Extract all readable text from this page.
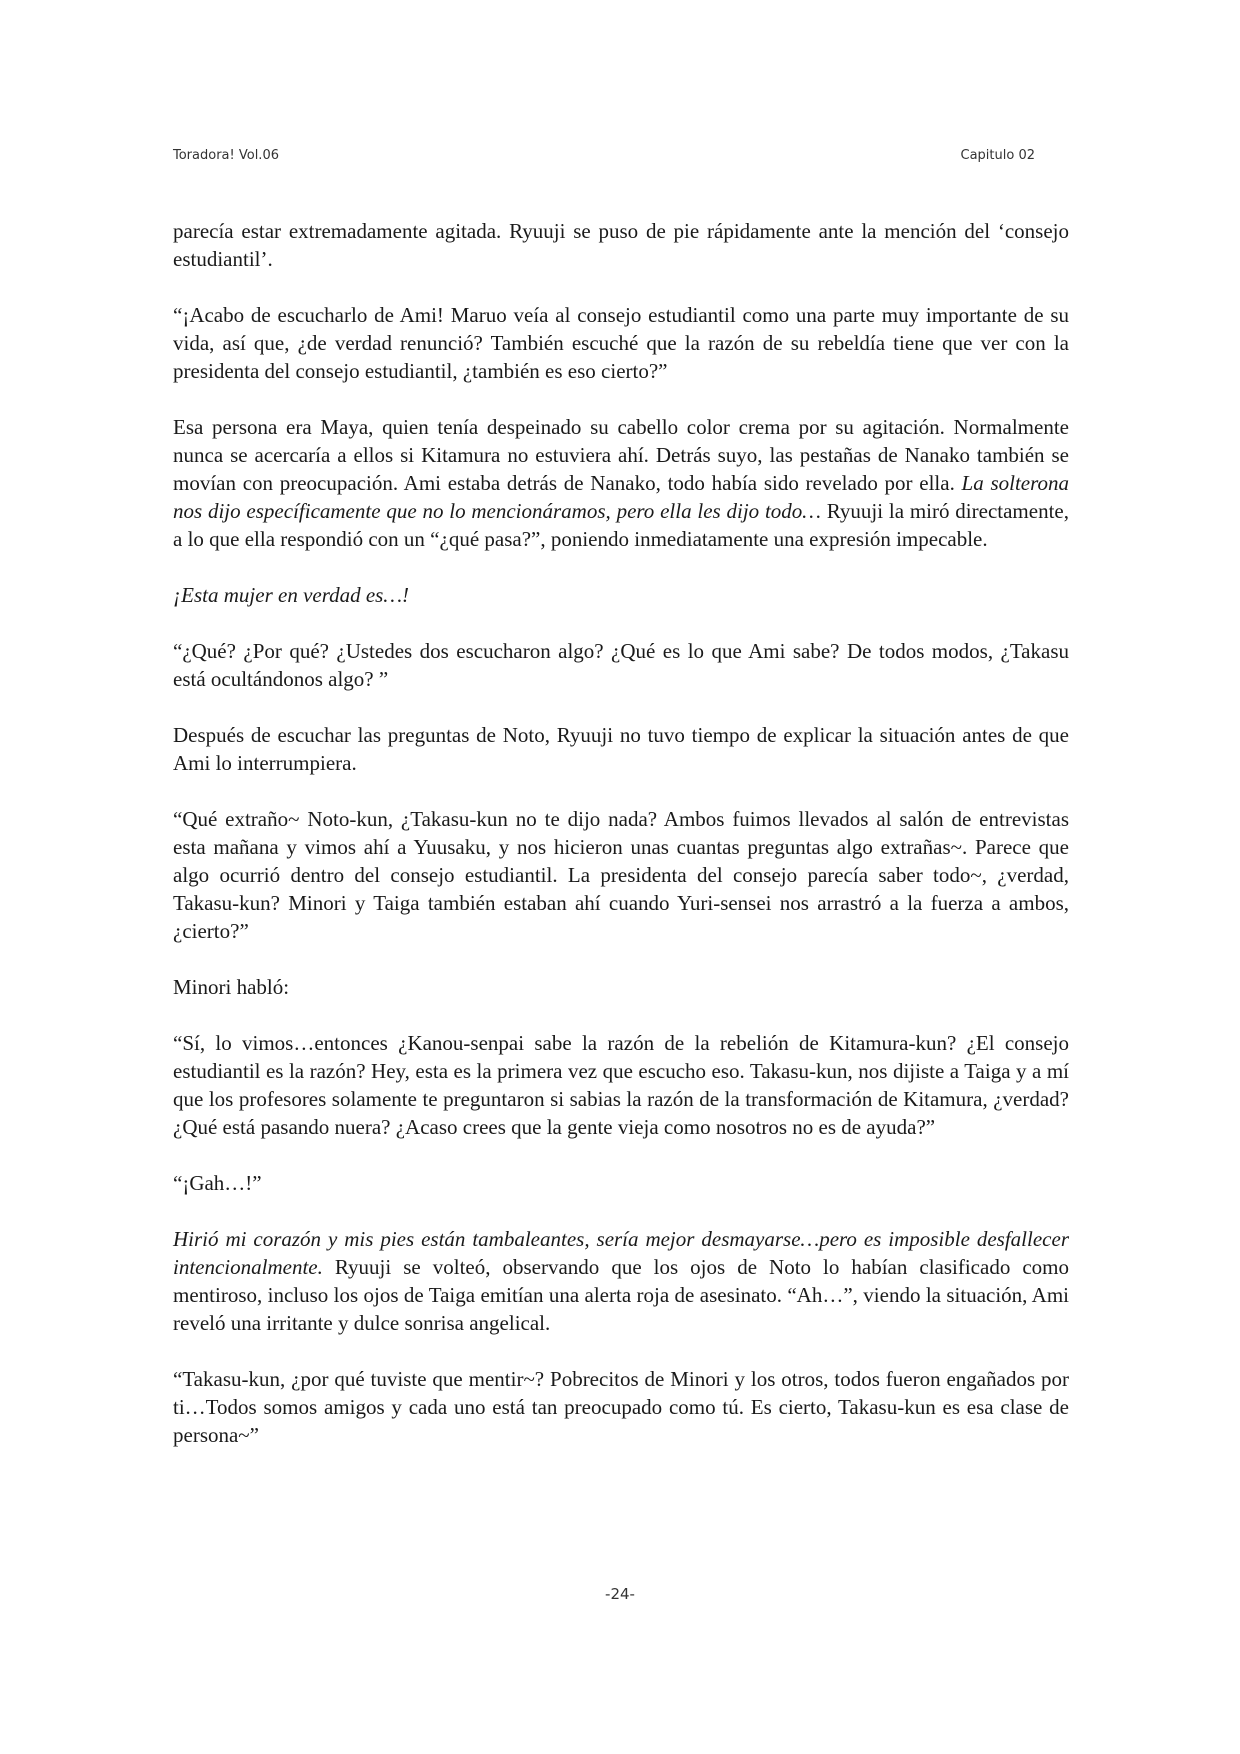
Toradora! Vol.06	Capitulo 02

parecía estar extremadamente agitada. Ryuuji se puso de pie rápidamente ante la mención del ‘consejo estudiantil’.

“¡Acabo de escucharlo de Ami! Maruo veía al consejo estudiantil como una parte muy importante de su vida, así que, ¿de verdad renunció? También escuché que la razón de su rebeldía tiene que ver con la presidenta del consejo estudiantil, ¿también es eso cierto?”

Esa persona era Maya, quien tenía despeinado su cabello color crema por su agitación. Normalmente nunca se acercaría a ellos si Kitamura no estuviera ahí. Detrás suyo, las pestañas de Nanako también se movían con preocupación. Ami estaba detrás de Nanako, todo había sido revelado por ella. La solterona nos dijo específicamente que no lo mencionáramos, pero ella les dijo todo… Ryuuji la miró directamente, a lo que ella respondió con un “¿qué pasa?”, poniendo inmediatamente una expresión impecable.

¡Esta mujer en verdad es…!

“¿Qué? ¿Por qué? ¿Ustedes dos escucharon algo? ¿Qué es lo que Ami sabe? De todos modos, ¿Takasu está ocultándonos algo? ”

Después de escuchar las preguntas de Noto, Ryuuji no tuvo tiempo de explicar la situación antes de que Ami lo interrumpiera.

“Qué extraño~ Noto-kun, ¿Takasu-kun no te dijo nada? Ambos fuimos llevados al salón de entrevistas esta mañana y vimos ahí a Yuusaku, y nos hicieron unas cuantas preguntas algo extrañas~. Parece que algo ocurrió dentro del consejo estudiantil. La presidenta del consejo parecía saber todo~, ¿verdad, Takasu-kun? Minori y Taiga también estaban ahí cuando Yuri-sensei nos arrastró a la fuerza a ambos, ¿cierto?”

Minori habló:

“Sí, lo vimos…entonces ¿Kanou-senpai sabe la razón de la rebelión de Kitamura-kun? ¿El consejo estudiantil es la razón? Hey, esta es la primera vez que escucho eso. Takasu-kun, nos dijiste a Taiga y a mí que los profesores solamente te preguntaron si sabias la razón de la transformación de Kitamura, ¿verdad? ¿Qué está pasando nuera? ¿Acaso crees que la gente vieja como nosotros no es de ayuda?”

“¡Gah…!”

Hirió mi corazón y mis pies están tambaleantes, sería mejor desmayarse…pero es imposible desfallecer intencionalmente. Ryuuji se volteó, observando que los ojos de Noto lo habían clasificado como mentiroso, incluso los ojos de Taiga emitían una alerta roja de asesinato. “Ah…”, viendo la situación, Ami reveló una irritante y dulce sonrisa angelical.

“Takasu-kun, ¿por qué tuviste que mentir~? Pobrecitos de Minori y los otros, todos fueron engañados por ti…Todos somos amigos y cada uno está tan preocupado como tú. Es cierto, Takasu-kun es esa clase de persona~”

-24-
